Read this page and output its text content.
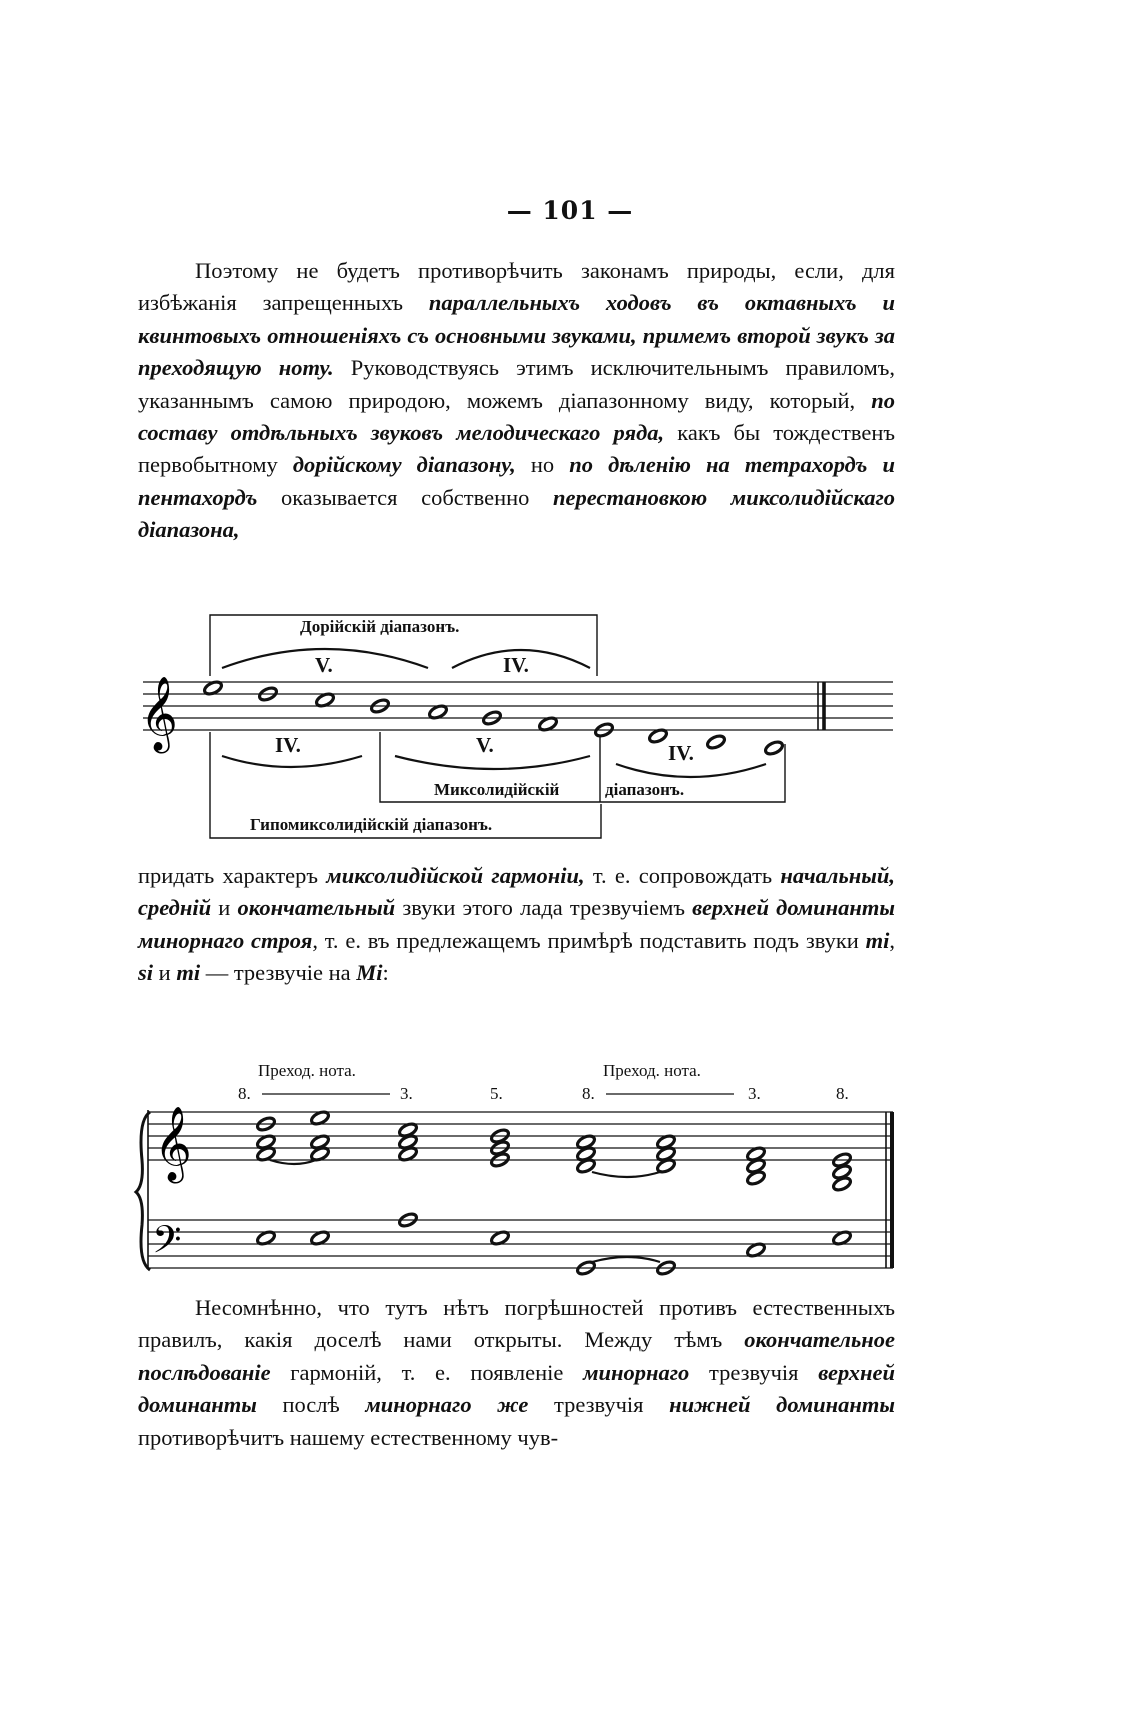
— 101 —
Поэтому не будетъ противорѣчить законамъ природы, если, для избѣжанія запрещенныхъ параллельныхъ ходовъ въ октавныхъ и квинтовыхъ отношеніяхъ съ основными звуками, примемъ второй звукъ за преходящую ноту. Руководствуясь этимъ исключительнымъ правиломъ, указаннымъ самою природою, можемъ діапазонному виду, который, по составу отдѣльныхъ звуковъ мелодическаго ряда, какъ бы тождественъ первобытному дорійскому діапазону, но по дѣленію на тетрахордъ и пентахордъ оказывается собственно перестановкою миксолидійскаго діапазона,
Дорійскій діапазонъ.
V.	IV.
𝄞	IV.	V.	IV.
Миксолидійскій	діапазонъ.
Гипомиксолидійскій діапазонъ.
придать характеръ миксолидійской гармоніи, т. е. сопровождать начальный, средній и окончательный звуки этого лада трезвучіемъ верхней доминанты минорнаго строя, т. е. въ предлежащемъ примѣрѣ подставить подъ звуки mi, si и mi — трезвучіе на Mi:
Преход. нота.	Преход. нота.
8.	3.	5.	8.	3.	8.
𝄞
𝄢
Несомнѣнно, что тутъ нѣтъ погрѣшностей противъ естественныхъ правилъ, какія доселѣ нами открыты. Между тѣмъ окончательное послѣдованіе гармоній, т. е. появленіе минорнаго трезвучія верхней доминанты послѣ минорнаго же трезвучія нижней доминанты противорѣчитъ нашему естественному чув-
